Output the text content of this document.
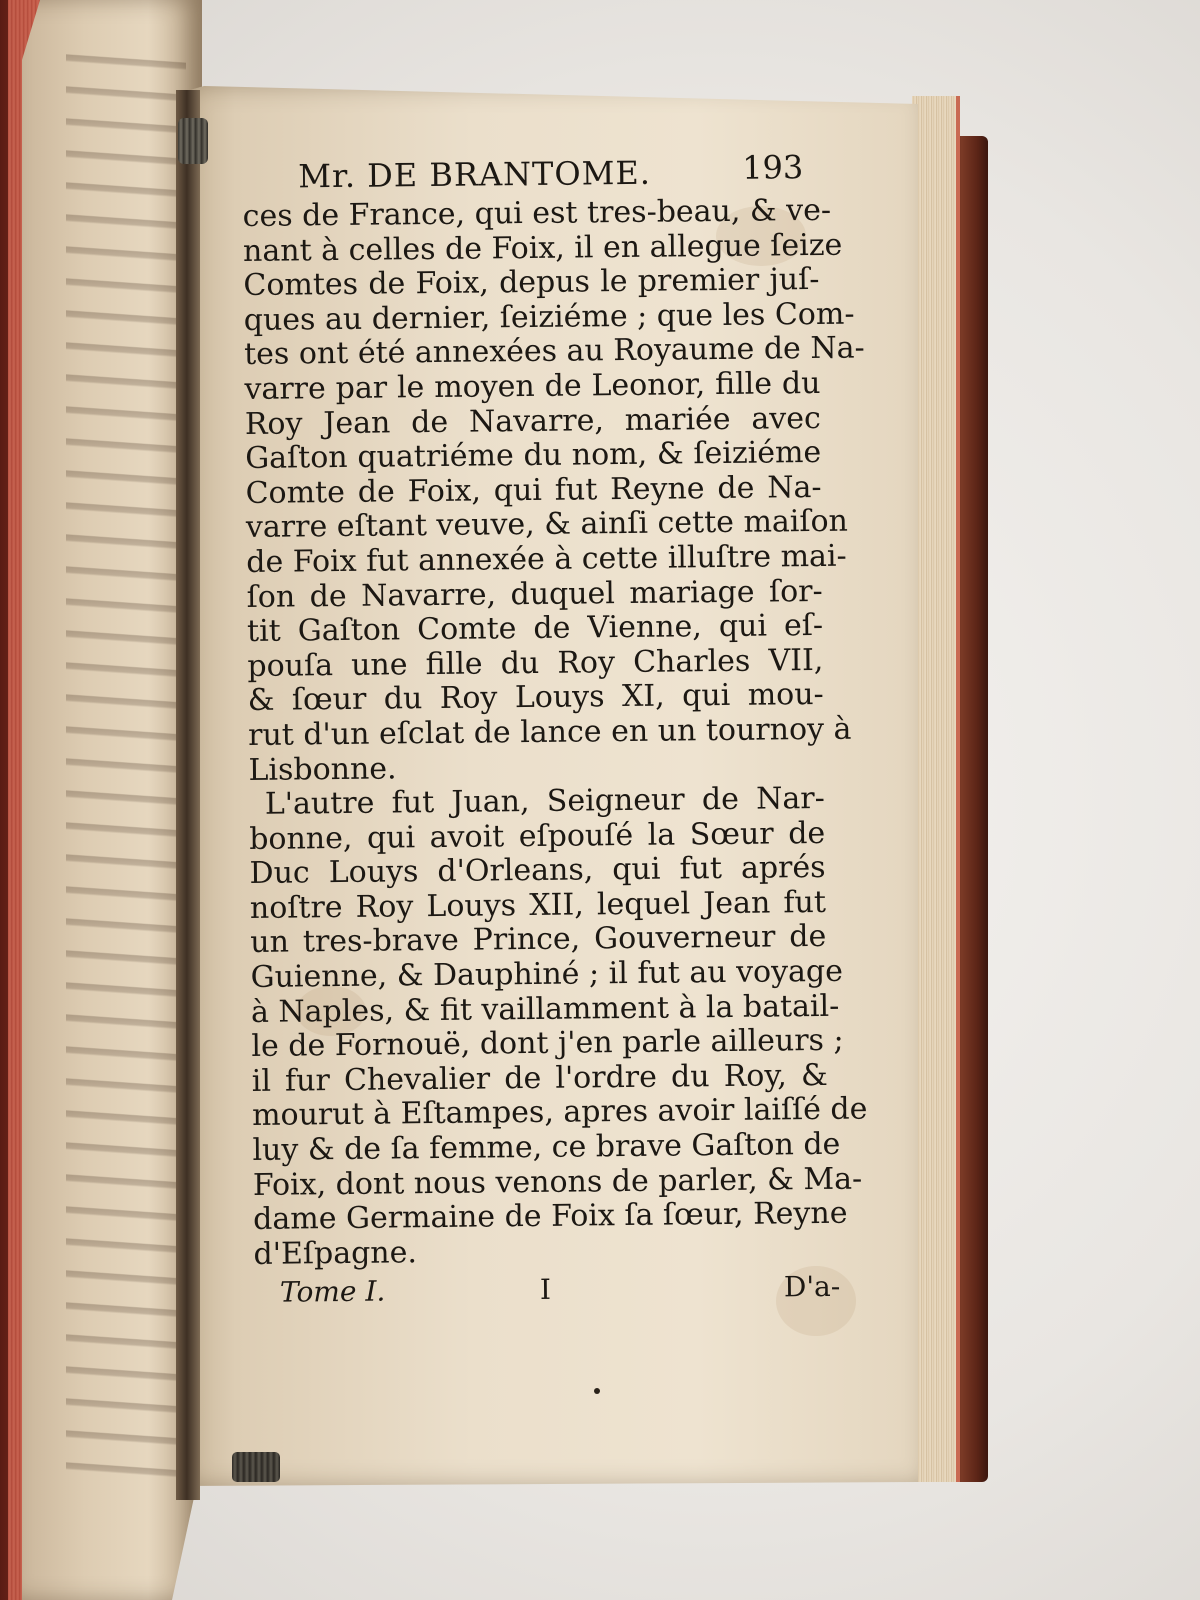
Mr. DE BRANTOME.	193
ces de France, qui est tres-beau, & ve-
nant à celles de Foix, il en allegue ſeize
Comtes de Foix, depus le premier juſ-
ques au dernier, ſeiziéme ; que les Com-
tes ont été annexées au Royaume de Na-
varre par le moyen de Leonor, fille du
Roy Jean de Navarre, mariée avec
Gaſton quatriéme du nom, & ſeiziéme
Comte de Foix, qui fut Reyne de Na-
varre eſtant veuve, & ainſi cette maiſon
de Foix fut annexée à cette illuſtre mai-
ſon de Navarre, duquel mariage ſor-
tit Gaſton Comte de Vienne, qui eſ-
pouſa une fille du Roy Charles VII,
& ſœur du Roy Louys XI, qui mou-
rut d'un eſclat de lance en un tournoy à
Lisbonne.
L'autre fut Juan, Seigneur de Nar-
bonne, qui avoit eſpouſé la Sœur de
Duc Louys d'Orleans, qui fut aprés
noſtre Roy Louys XII, lequel Jean fut
un tres-brave Prince, Gouverneur de
Guienne, & Dauphiné ; il fut au voyage
à Naples, & fit vaillamment à la batail-
le de Fornouë, dont j'en parle ailleurs ;
il fur Chevalier de l'ordre du Roy, &
mourut à Eſtampes, apres avoir laiſſé de
luy & de ſa femme, ce brave Gaſton de
Foix, dont nous venons de parler, & Ma-
dame Germaine de Foix ſa ſœur, Reyne
d'Eſpagne.
Tome I.	I	D'a-
